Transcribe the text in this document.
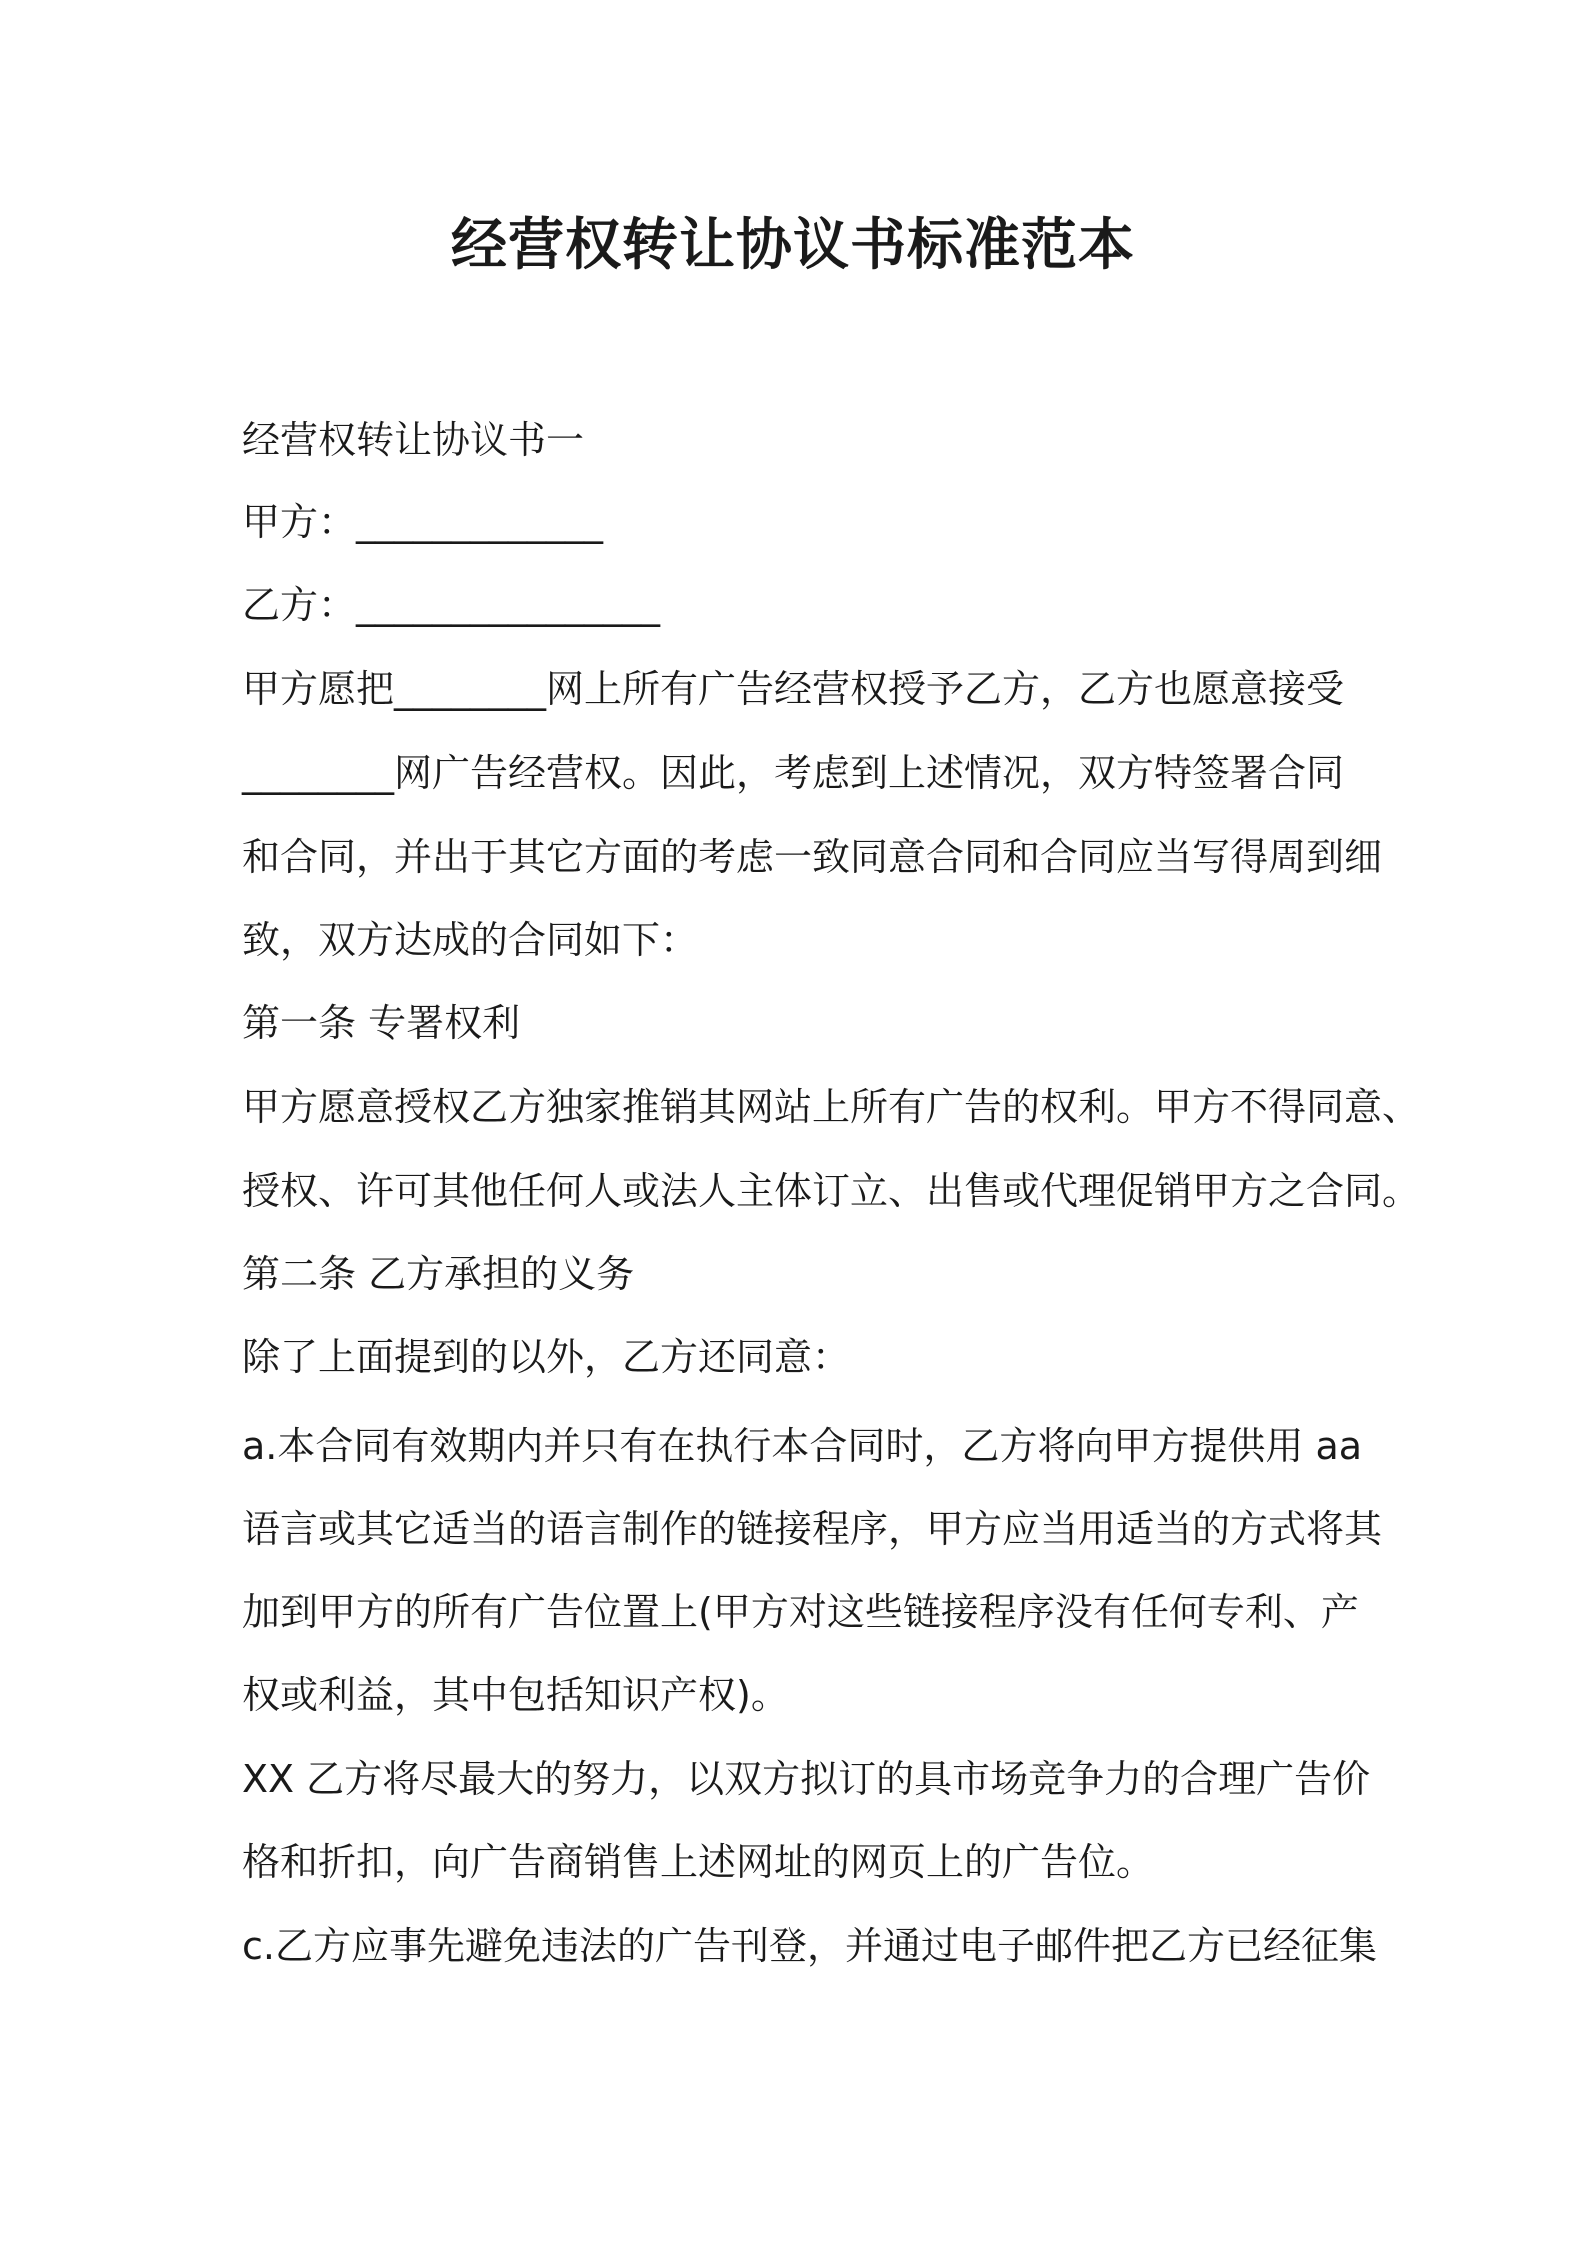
经营权转让协议书标准范本
经营权转让协议书一
甲方：_____________
乙方：________________
甲方愿把________网上所有广告经营权授予乙方，乙方也愿意接受
________网广告经营权。因此，考虑到上述情况，双方特签署合同
和合同，并出于其它方面的考虑一致同意合同和合同应当写得周到细
致，双方达成的合同如下：
第一条 专署权利
甲方愿意授权乙方独家推销其网站上所有广告的权利。甲方不得同意、
授权、许可其他任何人或法人主体订立、出售或代理促销甲方之合同。
第二条 乙方承担的义务
除了上面提到的以外，乙方还同意：
a.本合同有效期内并只有在执行本合同时，乙方将向甲方提供用 aa
语言或其它适当的语言制作的链接程序，甲方应当用适当的方式将其
加到甲方的所有广告位置上(甲方对这些链接程序没有任何专利、产
权或利益，其中包括知识产权)。
XX 乙方将尽最大的努力，以双方拟订的具市场竞争力的合理广告价
格和折扣，向广告商销售上述网址的网页上的广告位。
c.乙方应事先避免违法的广告刊登，并通过电子邮件把乙方已经征集
